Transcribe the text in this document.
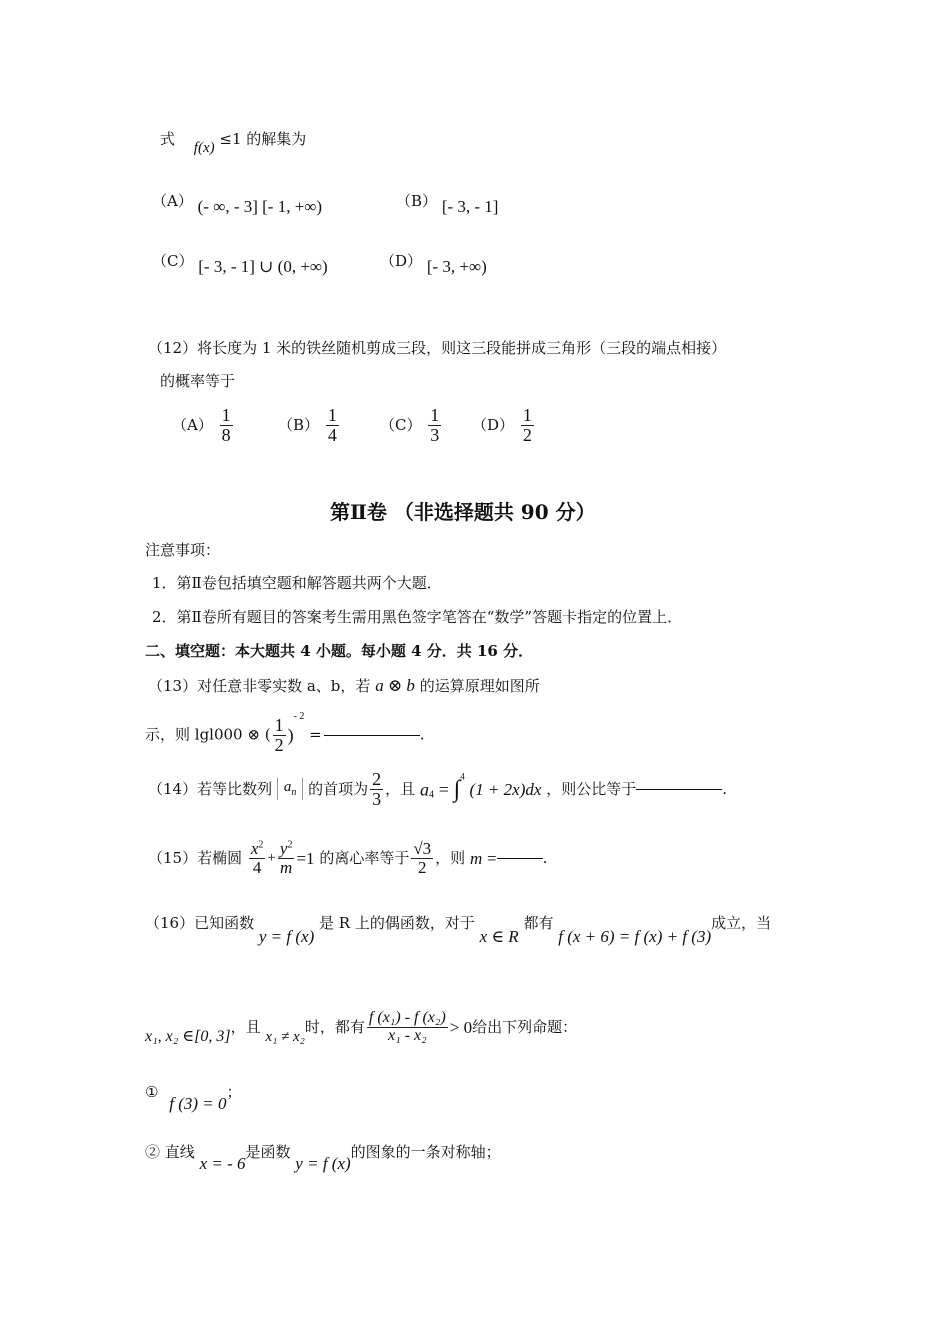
式 f(x) ≤1 的解集为
（A） (- ∞, - 3] [- 1, +∞)	（B） [- 3, - 1]
（C） [- 3, - 1] ∪ (0, +∞)	（D） [- 3, +∞)
（12）将长度为 1 米的铁丝随机剪成三段，则这三段能拼成三角形（三段的端点相接）
的概率等于
$(A) \frac{1}{8}$	$(B) \frac{1}{4}$	$(C) \frac{1}{3} (D) \frac{1}{2}$
第Ⅱ卷 （非选择题共 90 分）
注意事项：
1．第Ⅱ卷包括填空题和解答题共两个大题．
2．第Ⅱ卷所有题目的答案考生需用黑色签字笔答在“数学”答题卡指定的位置上．
二、填空题：本大题共 4 小题。每小题 4 分．共 16 分．
（13）对任意非零实数 a、b，若 a ⊗ b 的运算原理如图所
示，则 lgl000 ⊗ ( $\frac{1}{2} )^{- 2}$ =	.
（14）若等比数列 $a_n$ 的首项为 $\frac{2}{3}$ ，且 $a_4 = \int^4$ (1 + 2x)dx ，则公比等于	.
（15）若椭圆 $\frac{x^2}{4} + \frac{y^2}{m} =1$ 的离心率等于 $\frac{√3}{2}$ ，则 m =	.
（16）已知函数 y = f (x) 是 R 上的偶函数，对于 x ∈ R 都有 f (x + 6) = f (x) + f (3)成立，当
x₁, x₂ ∈[0, 3]，且 x₁ ≠ x₂时，都有 $\frac{\text{f (x₁) - f (x₂)}}{\text{x₁ - x₂}} > 0$给出下列命题：
① f (3) = 0；
② 直线 x = - 6是函数 y = f (x)的图象的一条对称轴；
